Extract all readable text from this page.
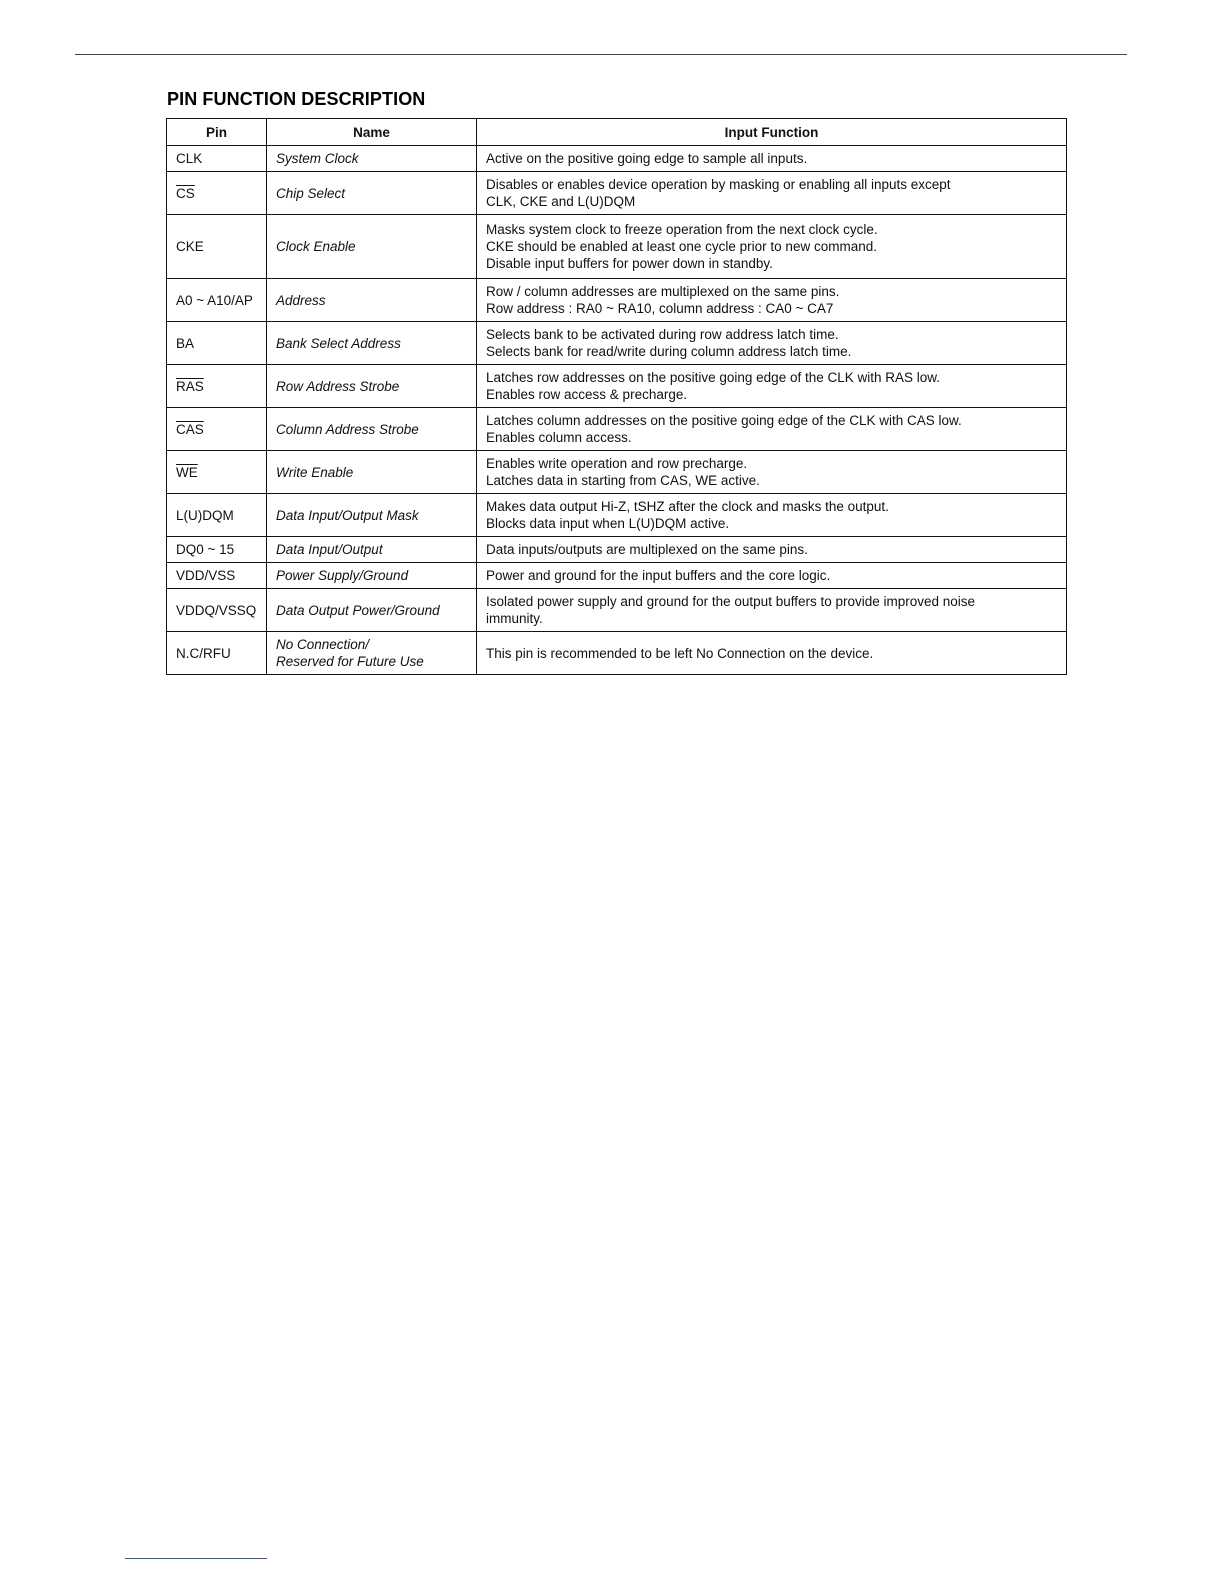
PIN FUNCTION DESCRIPTION
Pin	Name	Input Function
CLK	System Clock	Active on the positive going edge to sample all inputs.
$\overline{CS}$	Chip Select	Disables or enables device operation by masking or enabling all inputs except
CLK, CKE and L(U)DQM
CKE	Clock Enable	Masks system clock to freeze operation from the next clock cycle.
CKE should be enabled at least one cycle prior to new command.
Disable input buffers for power down in standby.
A0 ~ A10/AP	Address	Row / column addresses are multiplexed on the same pins.
Row address : RA0 ~ RA10, column address : CA0 ~ CA7
BA	Bank Select Address	Selects bank to be activated during row address latch time.
Selects bank for read/write during column address latch time.
$\overline{RAS}$	Row Address Strobe	Latches row addresses on the positive going edge of the CLK with RAS low.
Enables row access & precharge.
$\overline{CAS}$	Column Address Strobe	Latches column addresses on the positive going edge of the CLK with CAS low.
Enables column access.
$\overline{WE}$	Write Enable	Enables write operation and row precharge.
Latches data in starting from CAS, WE active.
L(U)DQM	Data Input/Output Mask	Makes data output Hi-Z, tSHZ after the clock and masks the output.
Blocks data input when L(U)DQM active.
DQ0 ~ 15	Data Input/Output	Data inputs/outputs are multiplexed on the same pins.
VDD/VSS	Power Supply/Ground	Power and ground for the input buffers and the core logic.
VDDQ/VSSQ	Data Output Power/Ground	Isolated power supply and ground for the output buffers to provide improved noise
immunity.
N.C/RFU	No Connection/
Reserved for Future Use	This pin is recommended to be left No Connection on the device.
